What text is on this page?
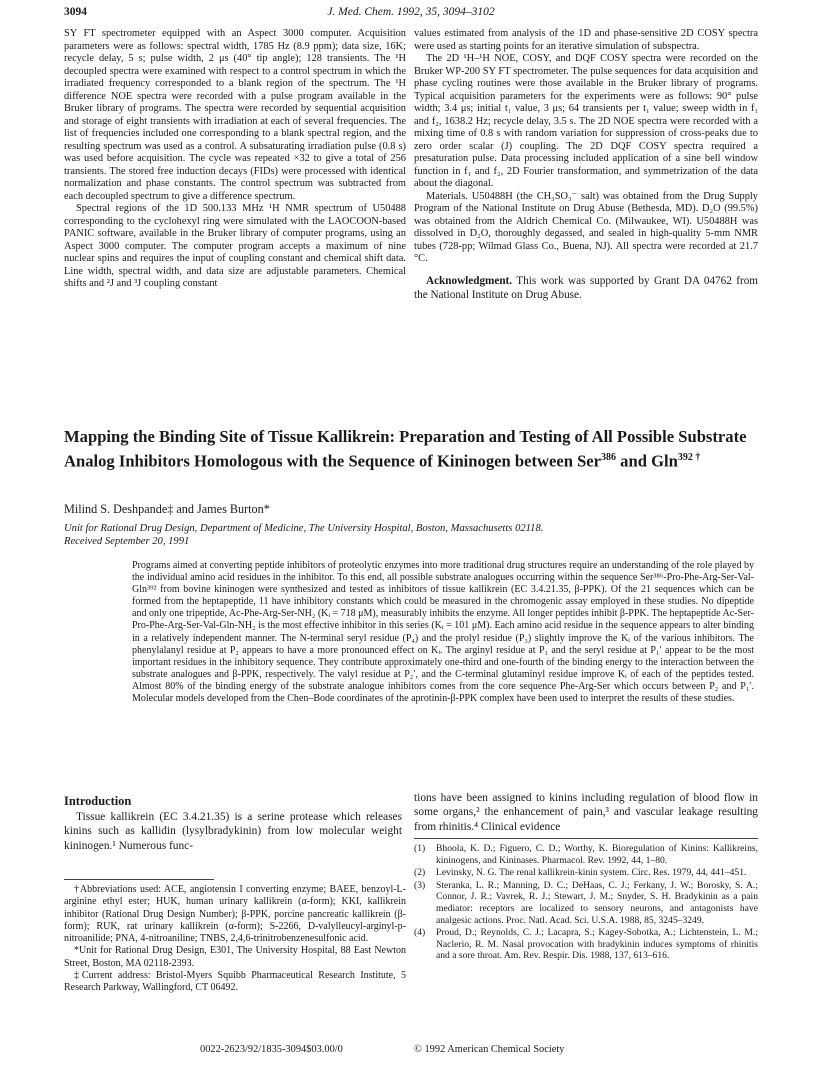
3094	J. Med. Chem. 1992, 35, 3094–3102

SY FT spectrometer equipped with an Aspect 3000 computer. Acquisition parameters were as follows: spectral width, 1785 Hz (8.9 ppm); data size, 16K; recycle delay, 5 s; pulse width, 2 μs (40° tip angle); 128 transients. The ¹H decoupled spectra were examined with respect to a control spectrum in which the irradiated frequency corresponded to a blank region of the spectrum. The ¹H difference NOE spectra were recorded with a pulse program available in the Bruker library of programs. The spectra were recorded by sequential acquisition and storage of eight transients with irradiation at each of several frequencies. The list of frequencies included one corresponding to a blank spectral region, and the resulting spectrum was used as a control. A subsaturating irradiation pulse (0.8 s) was used before acquisition. The cycle was repeated ×32 to give a total of 256 transients. The stored free induction decays (FIDs) were processed with identical normalization and phase constants. The control spectrum was subtracted from each decoupled spectrum to give a difference spectrum.

Spectral regions of the 1D 500.133 MHz ¹H NMR spectrum of U50488 corresponding to the cyclohexyl ring were simulated with the LAOCOON-based PANIC software, available in the Bruker library of computer programs, using an Aspect 3000 computer. The computer program accepts a maximum of nine nuclear spins and requires the input of coupling constant and chemical shift data. Line width, spectral width, and data size are adjustable parameters. Chemical shifts and ²J and ³J coupling constant

values estimated from analysis of the 1D and phase-sensitive 2D COSY spectra were used as starting points for an iterative simulation of subspectra.

The 2D ¹H–¹H NOE, COSY, and DQF COSY spectra were recorded on the Bruker WP-200 SY FT spectrometer. The pulse sequences for data acquisition and phase cycling routines were those available in the Bruker library of programs. Typical acquisition parameters for the experiments were as follows: 90° pulse width; 3.4 μs; initial t₁ value, 3 μs; 64 transients per t₁ value; sweep width in f₁ and f₂, 1638.2 Hz; recycle delay, 3.5 s. The 2D NOE spectra were recorded with a mixing time of 0.8 s with random variation for suppression of cross-peaks due to zero order scalar (J) coupling. The 2D DQF COSY spectra required a presaturation pulse. Data processing included application of a sine bell window function in f₁ and f₂, 2D Fourier transformation, and symmetrization of the data about the diagonal.

Materials. U50488H (the CH₃SO₃⁻ salt) was obtained from the Drug Supply Program of the National Institute on Drug Abuse (Bethesda, MD). D₂O (99.5%) was obtained from the Aldrich Chemical Co. (Milwaukee, WI). U50488H was dissolved in D₂O, thoroughly degassed, and sealed in high-quality 5-mm NMR tubes (728-pp; Wilmad Glass Co., Buena, NJ). All spectra were recorded at 21.7 °C.

Acknowledgment. This work was supported by Grant DA 04762 from the National Institute on Drug Abuse.

Mapping the Binding Site of Tissue Kallikrein: Preparation and Testing of All Possible Substrate Analog Inhibitors Homologous with the Sequence of Kininogen between Ser$^{386}$ and Gln$^{392 \dagger}$
Milind S. Deshpande‡ and James Burton*
Unit for Rational Drug Design, Department of Medicine, The University Hospital, Boston, Massachusetts 02118.
Received September 20, 1991

Programs aimed at converting peptide inhibitors of proteolytic enzymes into more traditional drug structures require an understanding of the role played by the individual amino acid residues in the inhibitor. To this end, all possible substrate analogues occurring within the sequence Ser³⁸⁶-Pro-Phe-Arg-Ser-Val-Gln³⁹² from bovine kininogen were synthesized and tested as inhibitors of tissue kallikrein (EC 3.4.21.35, β-PPK). Of the 21 sequences which can be formed from the heptapeptide, 11 have inhibitory constants which could be measured in the chromogenic assay employed in these studies. No dipeptide and only one tripeptide, Ac-Phe-Arg-Ser-NH₂ (Kᵢ = 718 μM), measurably inhibits the enzyme. All longer peptides inhibit β-PPK. The heptapeptide Ac-Ser-Pro-Phe-Arg-Ser-Val-Gln-NH₂ is the most effective inhibitor in this series (Kᵢ = 101 μM). Each amino acid residue in the sequence appears to alter binding in a relatively independent manner. The N-terminal seryl residue (P₄) and the prolyl residue (P₃) slightly improve the Kᵢ of the various inhibitors. The phenylalanyl residue at P₂ appears to have a more pronounced effect on Kᵢ. The arginyl residue at P₁ and the seryl residue at P₁′ appear to be the most important residues in the inhibitory sequence. They contribute approximately one-third and one-fourth of the binding energy to the interaction between the substrate analogues and β-PPK, respectively. The valyl residue at P₂′, and the C-terminal glutaminyl residue improve Kᵢ of each of the peptides tested. Almost 80% of the binding energy of the substrate analogue inhibitors comes from the core sequence Phe-Arg-Ser which occurs between P₂ and P₁′. Molecular models developed from the Chen–Bode coordinates of the aprotinin-β-PPK complex have been used to interpret the results of these studies.

Introduction

Tissue kallikrein (EC 3.4.21.35) is a serine protease which releases kinins such as kallidin (lysylbradykinin) from low molecular weight kininogen.¹ Numerous func-

†Abbreviations used: ACE, angiotensin I converting enzyme; BAEE, benzoyl-L-arginine ethyl ester; HUK, human urinary kallikrein (α-form); KKI, kallikrein inhibitor (Rational Drug Design Number); β-PPK, porcine pancreatic kallikrein (β-form); RUK, rat urinary kallikrein (α-form); S-2266, D-valylleucyl-arginyl-p-nitroanilide; PNA, 4-nitroaniline; TNBS, 2,4,6-trinitrobenzenesulfonic acid.

*Unit for Rational Drug Design, E301, The University Hospital, 88 East Newton Street, Boston, MA 02118-2393.

‡Current address: Bristol-Myers Squibb Pharmaceutical Research Institute, 5 Research Parkway, Wallingford, CT 06492.

tions have been assigned to kinins including regulation of blood flow in some organs,² the enhancement of pain,³ and vascular leakage resulting from rhinitis.⁴ Clinical evidence

(1)	Bhoola, K. D.; Figuero, C. D.; Worthy, K. Bioregulation of Kinins: Kallikreins, kininogens, and Kininases. Pharmacol. Rev. 1992, 44, 1–80.
(2)	Levinsky, N. G. The renal kallikrein-kinin system. Circ. Res. 1979, 44, 441–451.
(3)	Steranka, L. R.; Manning, D. C.; DeHaas, C. J.; Ferkany, J. W.; Borosky, S. A.; Connor, J. R.; Vavrek, R. J.; Stewart, J. M.; Snyder, S. H. Bradykinin as a pain mediator: receptors are localized to sensory neurons, and antagonists have analgesic actions. Proc. Natl. Acad. Sci. U.S.A. 1988, 85, 3245–3249.
(4)	Proud, D.; Reynolds, C. J.; Lacapra, S.; Kagey-Sobotka, A.; Lichtenstein, L. M.; Naclerio, R. M. Nasal provocation with bradykinin induces symptoms of rhinitis and a sore throat. Am. Rev. Respir. Dis. 1988, 137, 613–616.
0022-2623/92/1835-3094$03.00/0	© 1992 American Chemical Society
